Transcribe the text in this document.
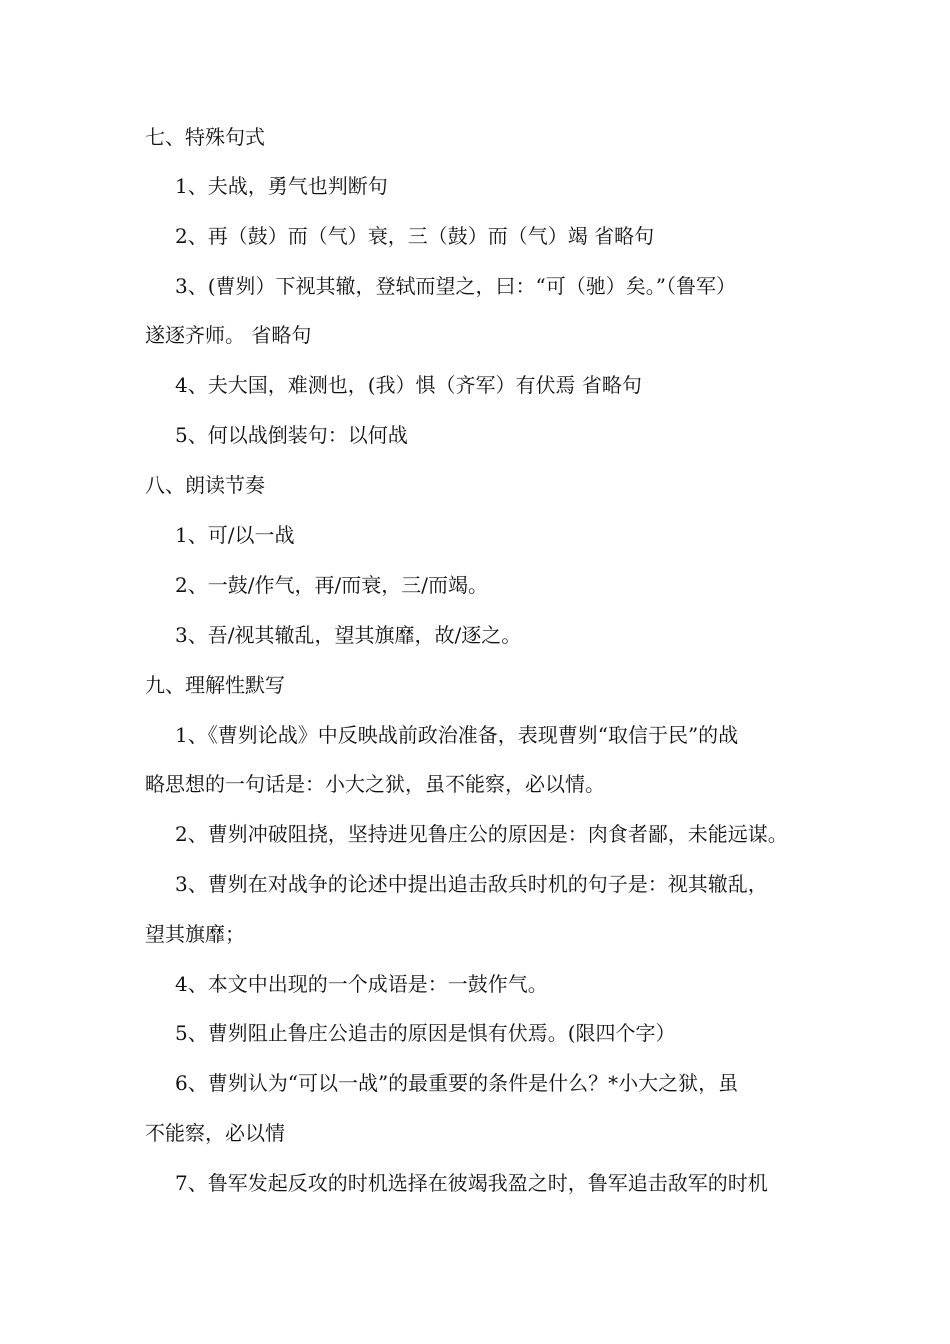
七、特殊句式
1、夫战，勇气也判断句
2、再（鼓）而（气）衰，三（鼓）而（气）竭 省略句
3、(曹刿）下视其辙，登轼而望之，曰：“可（驰）矣。”（鲁军）
遂逐齐师。 省略句
4、夫大国，难测也，(我）惧（齐军）有伏焉 省略句
5、何以战倒装句：以何战
八、朗读节奏
1、可/以一战
2、一鼓/作气，再/而衰，三/而竭。
3、吾/视其辙乱，望其旗靡，故/逐之。
九、理解性默写
1、《曹刿论战》中反映战前政治准备，表现曹刿“取信于民”的战
略思想的一句话是：小大之狱，虽不能察，必以情。
2、曹刿冲破阻挠，坚持进见鲁庄公的原因是：肉食者鄙，未能远谋。
3、曹刿在对战争的论述中提出追击敌兵时机的句子是：视其辙乱，
望其旗靡；
4、本文中出现的一个成语是：一鼓作气。
5、曹刿阻止鲁庄公追击的原因是惧有伏焉。(限四个字）
6、曹刿认为“可以一战”的最重要的条件是什么？*小大之狱，虽
不能察，必以情
7、鲁军发起反攻的时机选择在彼竭我盈之时，鲁军追击敌军的时机
